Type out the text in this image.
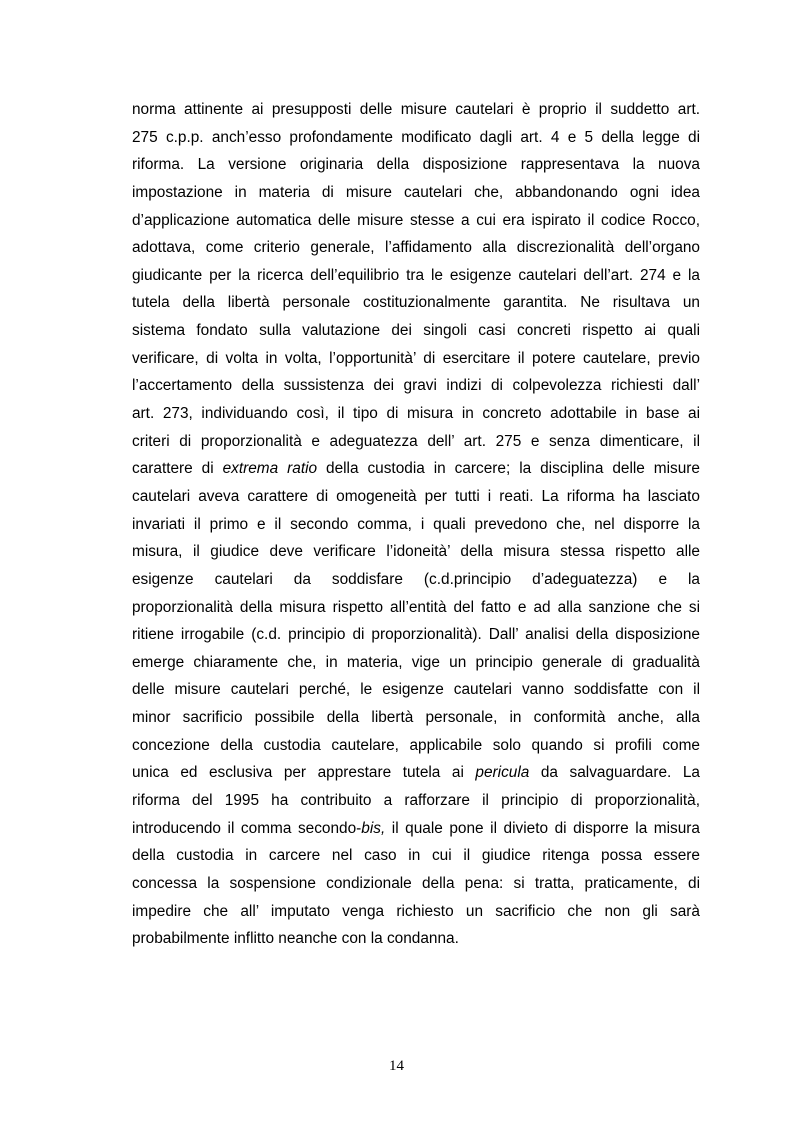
norma attinente ai presupposti delle misure cautelari è proprio il suddetto art.
275 c.p.p. anch’esso profondamente modificato dagli art. 4 e 5 della legge di
riforma. La versione originaria della disposizione rappresentava la nuova
impostazione in materia di misure cautelari che, abbandonando ogni idea
d’applicazione automatica delle misure stesse a cui era ispirato il codice Rocco,
adottava, come criterio generale, l’affidamento alla discrezionalità dell’organo
giudicante per la ricerca dell’equilibrio tra le esigenze cautelari dell’art. 274 e la
tutela della libertà personale costituzionalmente garantita. Ne risultava un
sistema fondato sulla valutazione dei singoli casi concreti rispetto ai quali
verificare, di volta in volta, l’opportunità’ di esercitare il potere cautelare, previo
l’accertamento della sussistenza dei gravi indizi di colpevolezza richiesti dall’
art. 273, individuando così, il tipo di misura in concreto adottabile in base ai
criteri di proporzionalità e adeguatezza dell’ art. 275 e senza dimenticare, il
carattere di extrema ratio della custodia in carcere; la disciplina delle misure
cautelari aveva carattere di omogeneità per tutti i reati. La riforma ha lasciato
invariati il primo e il secondo comma, i quali prevedono che, nel disporre la
misura, il giudice deve verificare l’idoneità’ della misura stessa rispetto alle
esigenze cautelari da soddisfare (c.d.principio d’adeguatezza) e la
proporzionalità della misura rispetto all’entità del fatto e ad alla sanzione che si
ritiene irrogabile (c.d. principio di proporzionalità). Dall’ analisi della disposizione
emerge chiaramente che, in materia, vige un principio generale di gradualità
delle misure cautelari perché, le esigenze cautelari vanno soddisfatte con il
minor sacrificio possibile della libertà personale, in conformità anche, alla
concezione della custodia cautelare, applicabile solo quando si profili come
unica ed esclusiva per apprestare tutela ai pericula da salvaguardare. La
riforma del 1995 ha contribuito a rafforzare il principio di proporzionalità,
introducendo il comma secondo-bis, il quale pone il divieto di disporre la misura
della custodia in carcere nel caso in cui il giudice ritenga possa essere
concessa la sospensione condizionale della pena: si tratta, praticamente, di
impedire che all’ imputato venga richiesto un sacrificio che non gli sarà
probabilmente inflitto neanche con la condanna.
14
